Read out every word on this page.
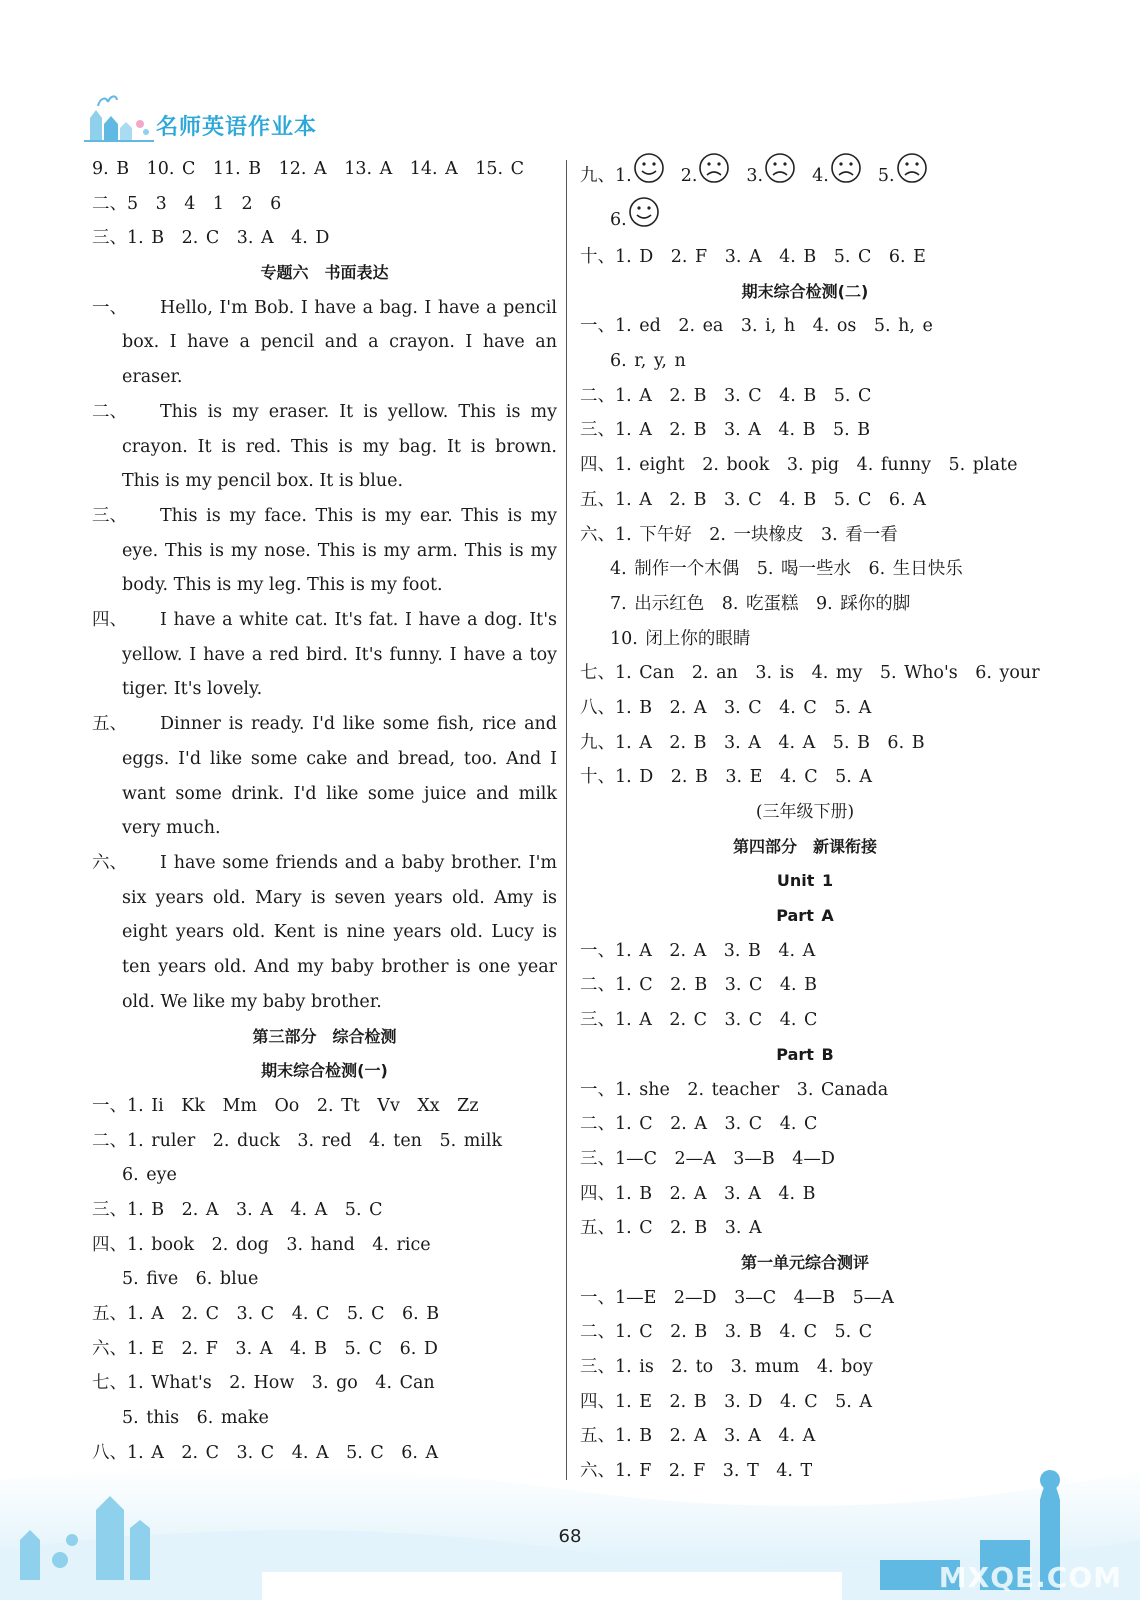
名师英语作业本
9. B　10. C　11. B　12. A　13. A　14. A　15. C
二、5　3　4　1　2　6
三、1. B　2. C　3. A　4. D
专题六　书面表达
一、 Hello, I'm Bob. I have a bag. I have a pencil box. I have a pencil and a crayon. I have an eraser.
二、 This is my eraser. It is yellow. This is my crayon. It is red. This is my bag. It is brown. This is my pencil box. It is blue.
三、 This is my face. This is my ear. This is my eye. This is my nose. This is my arm. This is my body. This is my leg. This is my foot.
四、 I have a white cat. It's fat. I have a dog. It's yellow. I have a red bird. It's funny. I have a toy tiger. It's lovely.
五、 Dinner is ready. I'd like some fish, rice and eggs. I'd like some cake and bread, too. And I want some drink. I'd like some juice and milk very much.
六、 I have some friends and a baby brother. I'm six years old. Mary is seven years old. Amy is eight years old. Kent is nine years old. Lucy is ten years old. And my baby brother is one year old. We like my baby brother.
第三部分　综合检测
期末综合检测(一)
一、1. Ii　Kk　Mm　Oo　2. Tt　Vv　Xx　Zz
二、1. ruler　2. duck　3. red　4. ten　5. milk
6. eye
三、1. B　2. A　3. A　4. A　5. C
四、1. book　2. dog　3. hand　4. rice
5. five　6. blue
五、1. A　2. C　3. C　4. C　5. C　6. B
六、1. E　2. F　3. A　4. B　5. C　6. D
七、1. What's　2. How　3. go　4. Can
5. this　6. make
八、1. A　2. C　3. C　4. A　5. C　6. A
九、1.	2.	3.	4.	5.
6.
十、1. D　2. F　3. A　4. B　5. C　6. E
期末综合检测(二)
一、1. ed　2. ea　3. i, h　4. os　5. h, e
6. r, y, n
二、1. A　2. B　3. C　4. B　5. C
三、1. A　2. B　3. A　4. B　5. B
四、1. eight　2. book　3. pig　4. funny　5. plate
五、1. A　2. B　3. C　4. B　5. C　6. A
六、1. 下午好　2. 一块橡皮　3. 看一看
4. 制作一个木偶　5. 喝一些水　6. 生日快乐
7. 出示红色　8. 吃蛋糕　9. 踩你的脚
10. 闭上你的眼睛
七、1. Can　2. an　3. is　4. my　5. Who's　6. your
八、1. B　2. A　3. C　4. C　5. A
九、1. A　2. B　3. A　4. A　5. B　6. B
十、1. D　2. B　3. E　4. C　5. A
(三年级下册)
第四部分　新课衔接
Unit 1
Part A
一、1. A　2. A　3. B　4. A
二、1. C　2. B　3. C　4. B
三、1. A　2. C　3. C　4. C
Part B
一、1. she　2. teacher　3. Canada
二、1. C　2. A　3. C　4. C
三、1—C　2—A　3—B　4—D
四、1. B　2. A　3. A　4. B
五、1. C　2. B　3. A
第一单元综合测评
一、1—E　2—D　3—C　4—B　5—A
二、1. C　2. B　3. B　4. C　5. C
三、1. is　2. to　3. mum　4. boy
四、1. E　2. B　3. D　4. C　5. A
五、1. B　2. A　3. A　4. A
六、1. F　2. F　3. T　4. T
68
MXQE.COM
